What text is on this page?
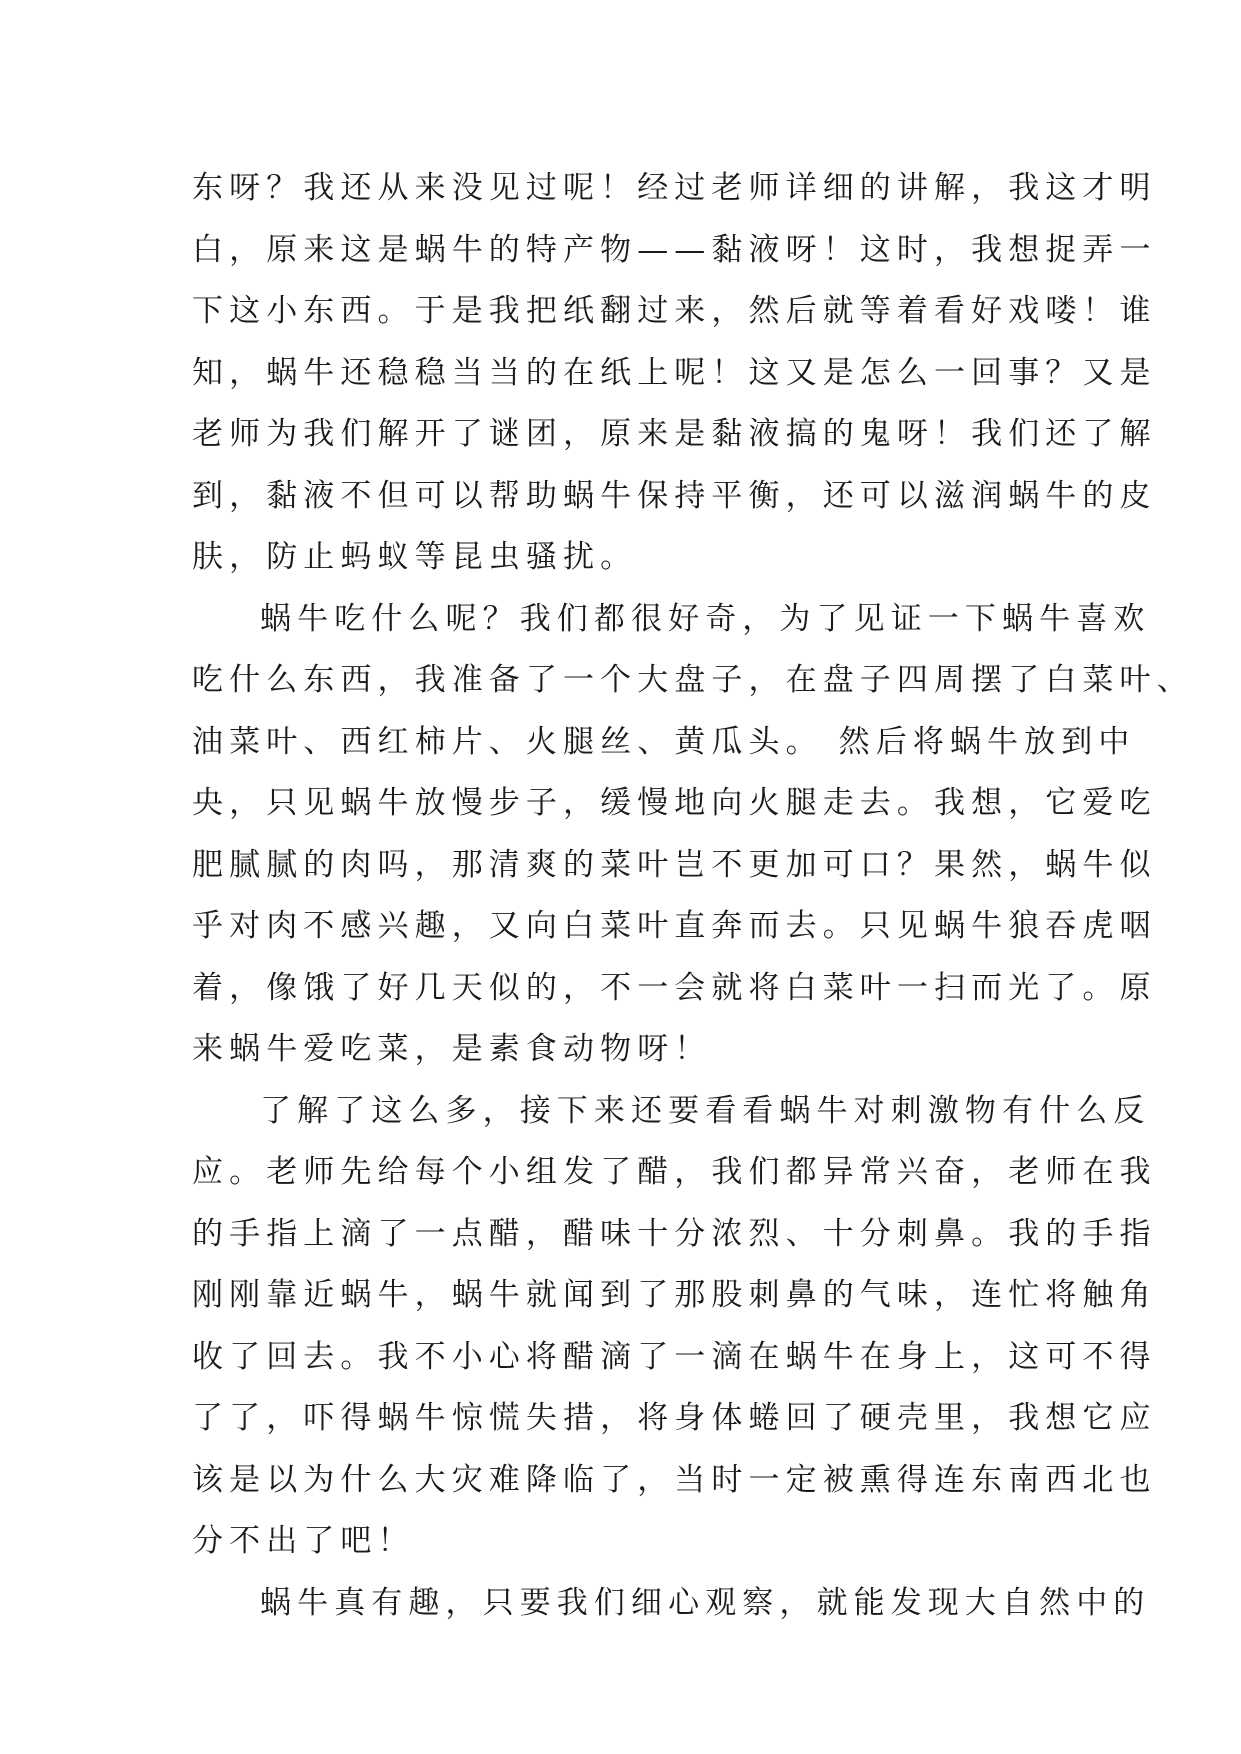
东呀？我还从来没见过呢！经过老师详细的讲解，我这才明
白，原来这是蜗牛的特产物——黏液呀！这时，我想捉弄一
下这小东西。于是我把纸翻过来，然后就等着看好戏喽！谁
知，蜗牛还稳稳当当的在纸上呢！这又是怎么一回事？又是
老师为我们解开了谜团，原来是黏液搞的鬼呀！我们还了解
到，黏液不但可以帮助蜗牛保持平衡，还可以滋润蜗牛的皮
肤，防止蚂蚁等昆虫骚扰。
蜗牛吃什么呢？我们都很好奇，为了见证一下蜗牛喜欢
吃什么东西，我准备了一个大盘子，在盘子四周摆了白菜叶、
油菜叶、西红柿片、火腿丝、黄瓜头。 然后将蜗牛放到中
央，只见蜗牛放慢步子，缓慢地向火腿走去。我想，它爱吃
肥腻腻的肉吗，那清爽的菜叶岂不更加可口？果然，蜗牛似
乎对肉不感兴趣，又向白菜叶直奔而去。只见蜗牛狼吞虎咽
着，像饿了好几天似的，不一会就将白菜叶一扫而光了。原
来蜗牛爱吃菜，是素食动物呀！
了解了这么多，接下来还要看看蜗牛对刺激物有什么反
应。老师先给每个小组发了醋，我们都异常兴奋，老师在我
的手指上滴了一点醋，醋味十分浓烈、十分刺鼻。我的手指
刚刚靠近蜗牛，蜗牛就闻到了那股刺鼻的气味，连忙将触角
收了回去。我不小心将醋滴了一滴在蜗牛在身上，这可不得
了了，吓得蜗牛惊慌失措，将身体蜷回了硬壳里，我想它应
该是以为什么大灾难降临了，当时一定被熏得连东南西北也
分不出了吧！
蜗牛真有趣，只要我们细心观察，就能发现大自然中的
